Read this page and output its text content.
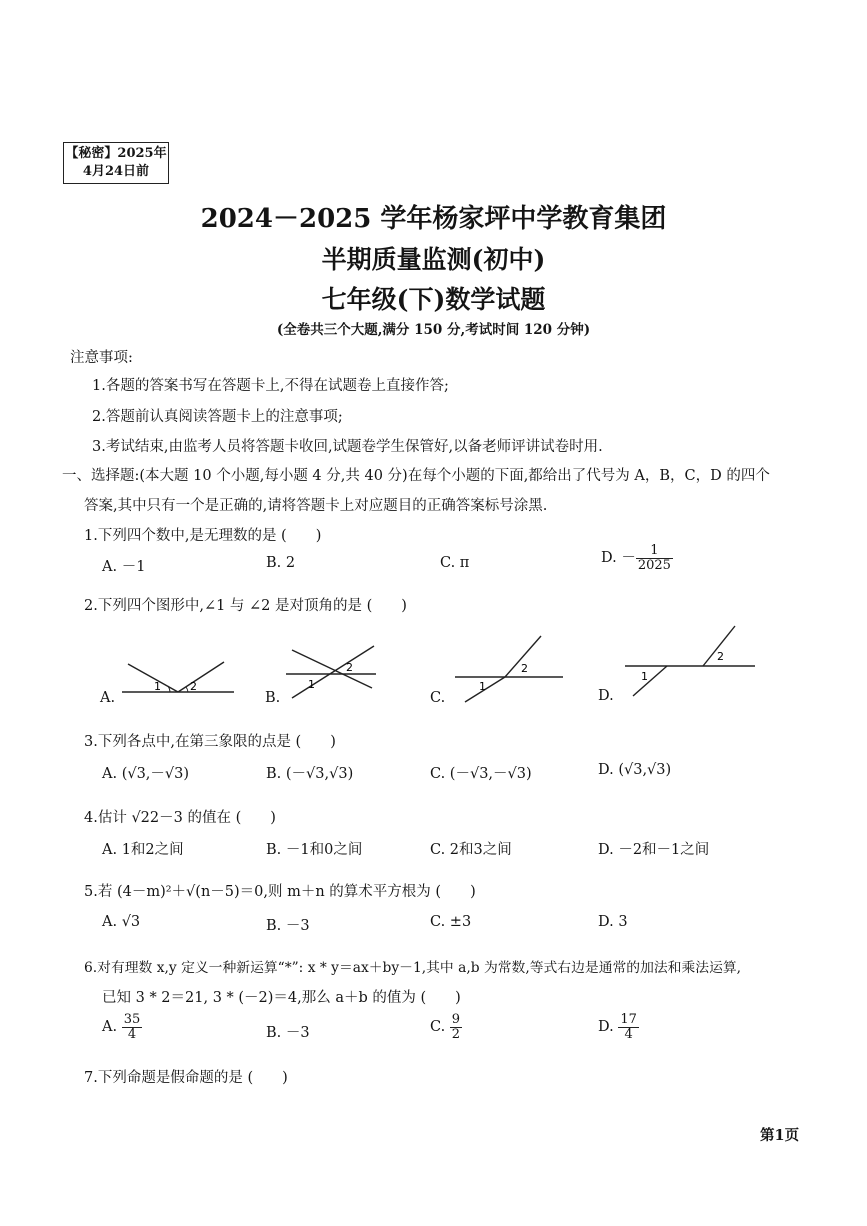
【秘密】2025年
4月24日前
2024－2025 学年杨家坪中学教育集团
半期质量监测(初中)
七年级(下)数学试题
(全卷共三个大题,满分 150 分,考试时间 120 分钟)
注意事项:
1.各题的答案书写在答题卡上,不得在试题卷上直接作答;
2.答题前认真阅读答题卡上的注意事项;
3.考试结束,由监考人员将答题卡收回,试题卷学生保管好,以备老师评讲试卷时用.
一、选择题:(本大题 10 个小题,每小题 4 分,共 40 分)在每个小题的下面,都给出了代号为 A，B，C，D 的四个
答案,其中只有一个是正确的,请将答题卡上对应题目的正确答案标号涂黑.
1.下列四个数中,是无理数的是 (　　)
A. －1	B. 2	C. π	D. － $\frac{1}{2025}$
2.下列四个图形中,∠1 与 ∠2 是对顶角的是 (　　)
A.
1	2
B.
1
2
C.
1
2
D.
1
2
3.下列各点中,在第三象限的点是 (　　)
A. (√3,－√3)	B. (－√3,√3)	C. (－√3,－√3)	D. (√3,√3)
4.估计 √22－3 的值在 (　　)
A. 1和2之间	B. －1和0之间	C. 2和3之间	D. －2和－1之间
5.若 (4－m)²＋√(n－5)＝0,则 m＋n 的算术平方根为 (　　)
A. √3	B. －3	C. ±3	D. 3
6.对有理数 x,y 定义一种新运算“*”: x * y＝ax＋by－1,其中 a,b 为常数,等式右边是通常的加法和乘法运算,
已知 3 * 2＝21, 3 * (－2)＝4,那么 a＋b 的值为 (　　)
A. $\frac{35}{4}$	B. －3	C. $\frac{9}{2}$	D. $\frac{17}{4}$
7.下列命题是假命题的是 (　　)
第1页
